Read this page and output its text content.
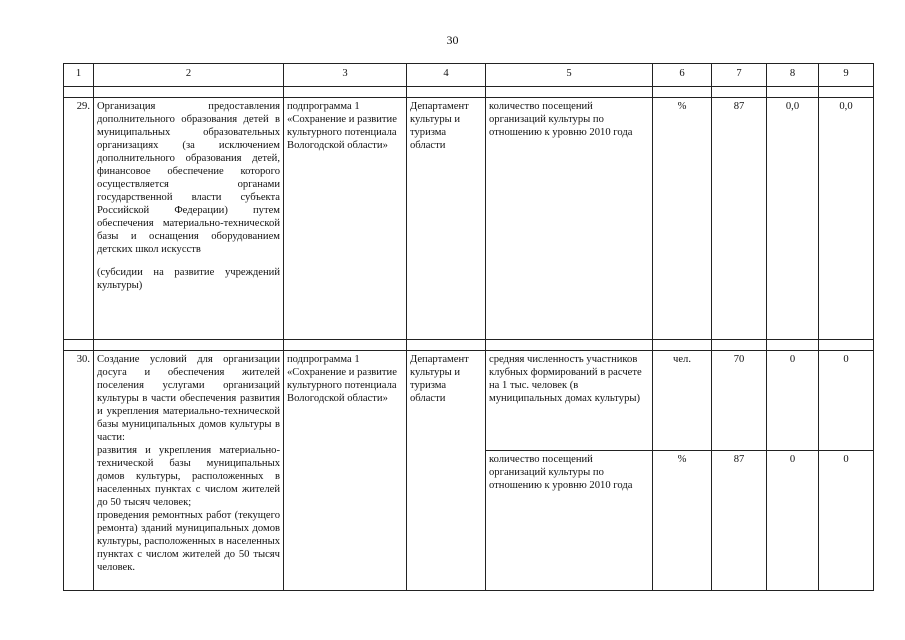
30
1	2	3	4	5	6	7	8	9

29.	Организация предоставления дополнительного образования детей в муниципальных образовательных организациях (за исключением дополнительного образования детей, финансовое обеспечение которого осуществляется органами государственной власти субъекта Российской Федерации) путем обеспечения материально-технической базы и оснащения оборудованием детских школ искусств
(субсидии на развитие учреждений культуры)	подпрограмма 1 «Сохранение и развитие культурного потенциала Вологодской области»	Департамент культуры и туризма области	количество посещений организаций культуры по отношению к уровню 2010 года	%	87	0,0	0,0

30.	Создание условий для организации досуга и обеспечения жителей поселения услугами организаций культуры в части обеспечения развития и укрепления материально-технической базы муниципальных домов культуры в части:
развития и укрепления материально-технической базы муниципальных домов культуры, расположенных в населенных пунктах с числом жителей до 50 тысяч человек;
проведения ремонтных работ (текущего ремонта) зданий муниципальных домов культуры, расположенных в населенных пунктах с числом жителей до 50 тысяч человек.	подпрограмма 1 «Сохранение и развитие культурного потенциала Вологодской области»	Департамент культуры и туризма области	средняя численность участников клубных формирований в расчете на 1 тыс. человек (в муниципальных домах культуры)	чел.	70	0	0
				количество посещений организаций культуры по отношению к уровню 2010 года	%	87	0	0
